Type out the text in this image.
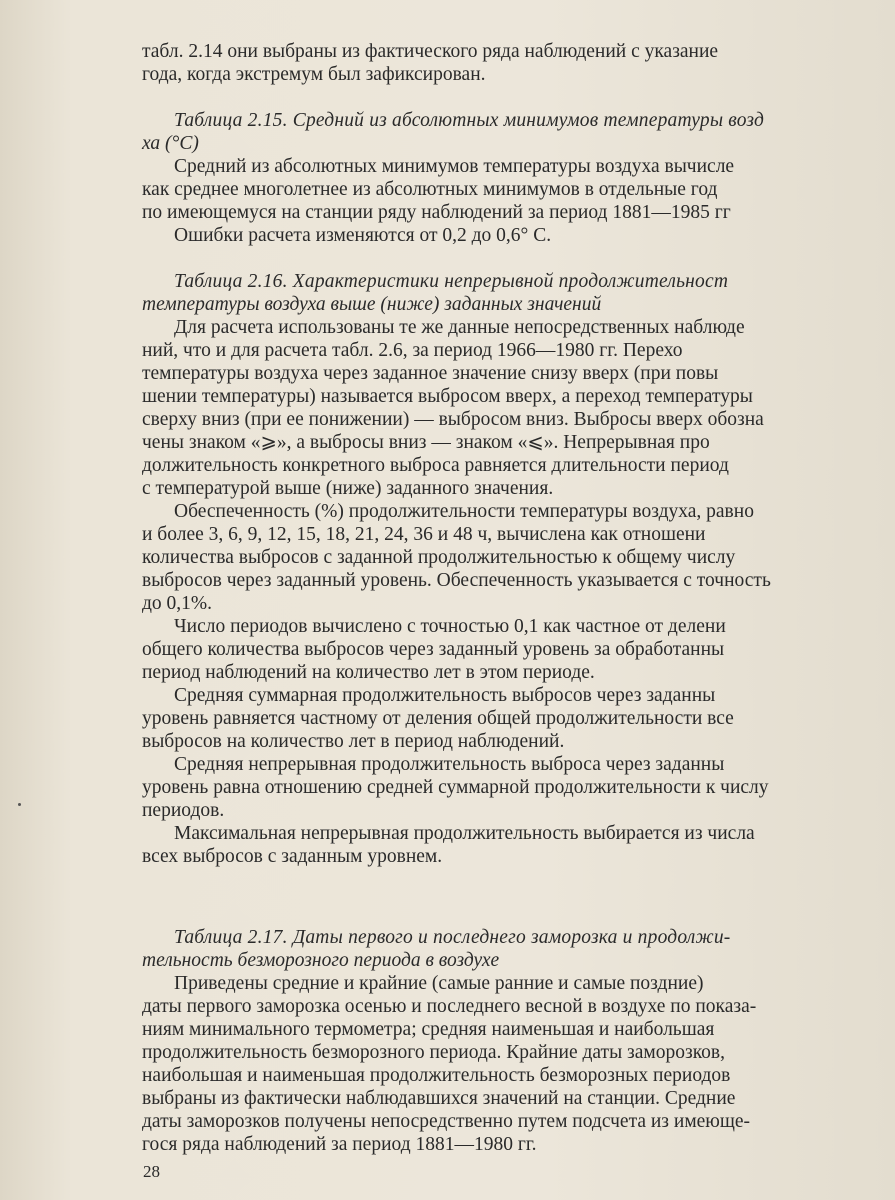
табл. 2.14 они выбраны из фактического ряда наблюдений с указание

года, когда экстремум был зафиксирован.

Таблица 2.15. Средний из абсолютных минимумов температуры возд

ха (°С)

Средний из абсолютных минимумов температуры воздуха вычисле

как среднее многолетнее из абсолютных минимумов в отдельные год

по имеющемуся на станции ряду наблюдений за период 1881—1985 гг

Ошибки расчета изменяются от 0,2 до 0,6° С.

Таблица 2.16. Характеристики непрерывной продолжительност

температуры воздуха выше (ниже) заданных значений

Для расчета использованы те же данные непосредственных наблюде

ний, что и для расчета табл. 2.6, за период 1966—1980 гг. Перехо

температуры воздуха через заданное значение снизу вверх (при повы

шении температуры) называется выбросом вверх, а переход температуры

сверху вниз (при ее понижении) — выбросом вниз. Выбросы вверх обозна

чены знаком «⩾», а выбросы вниз — знаком «⩽». Непрерывная про

должительность конкретного выброса равняется длительности период

с температурой выше (ниже) заданного значения.

Обеспеченность (%) продолжительности температуры воздуха, равно

и более 3, 6, 9, 12, 15, 18, 21, 24, 36 и 48 ч, вычислена как отношени

количества выбросов с заданной продолжительностью к общему числу

выбросов через заданный уровень. Обеспеченность указывается с точность

до 0,1%.

Число периодов вычислено с точностью 0,1 как частное от делени

общего количества выбросов через заданный уровень за обработанны

период наблюдений на количество лет в этом периоде.

Средняя суммарная продолжительность выбросов через заданны

уровень равняется частному от деления общей продолжительности все

выбросов на количество лет в период наблюдений.

Средняя непрерывная продолжительность выброса через заданны

уровень равна отношению средней суммарной продолжительности к числу

периодов.

Максимальная непрерывная продолжительность выбирается из числа

всех выбросов с заданным уровнем.

Таблица 2.17. Даты первого и последнего заморозка и продолжи-

тельность безморозного периода в воздухе

Приведены средние и крайние (самые ранние и самые поздние)

даты первого заморозка осенью и последнего весной в воздухе по показа-

ниям минимального термометра; средняя наименьшая и наибольшая

продолжительность безморозного периода. Крайние даты заморозков,

наибольшая и наименьшая продолжительность безморозных периодов

выбраны из фактически наблюдавшихся значений на станции. Средние

даты заморозков получены непосредственно путем подсчета из имеюще-

гося ряда наблюдений за период 1881—1980 гг.

28
